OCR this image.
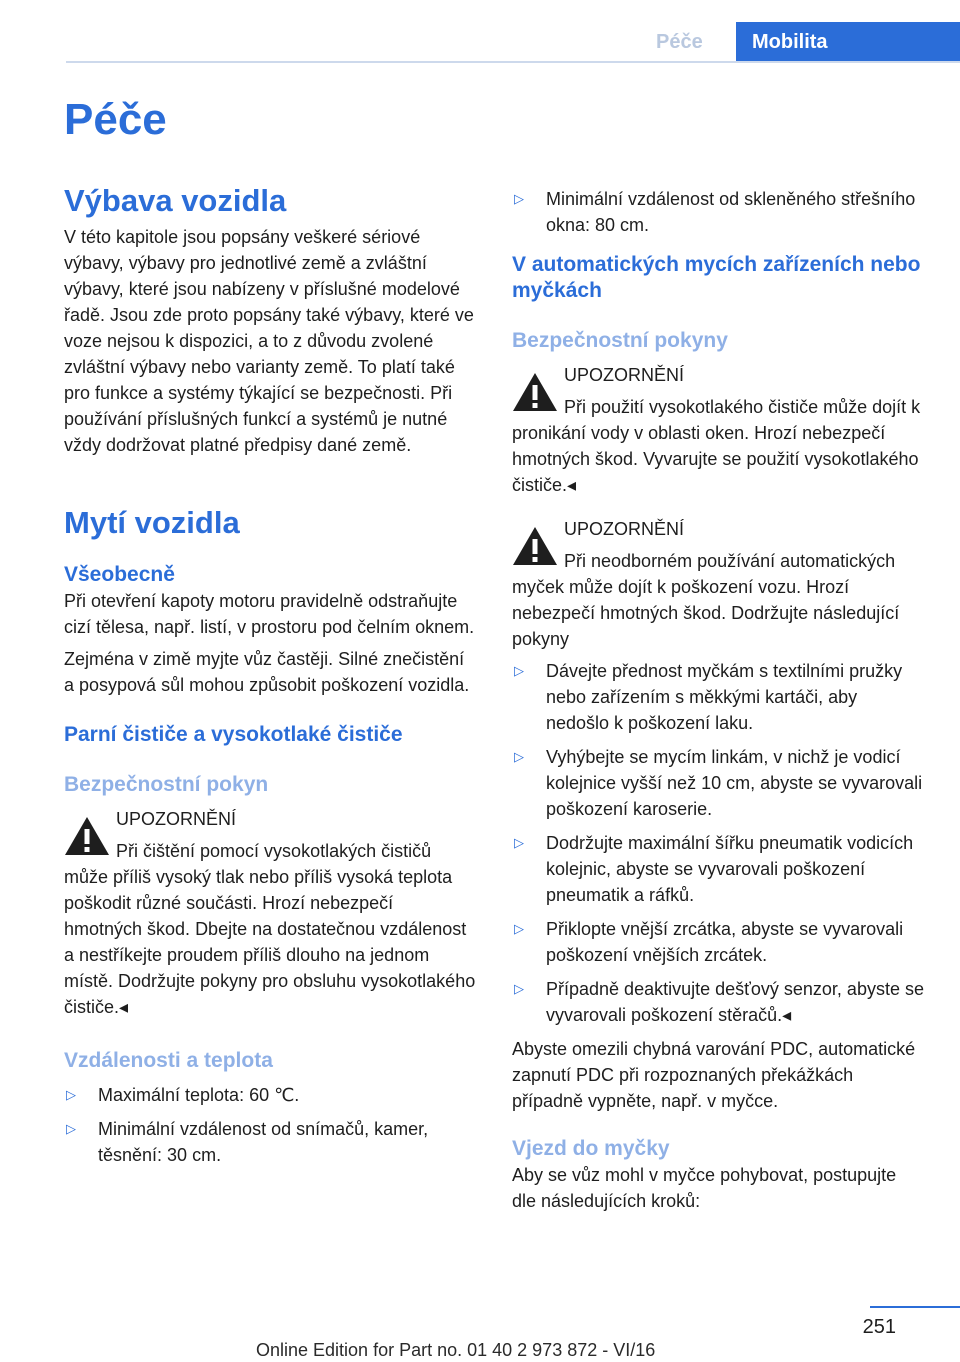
Péče	Mobilita
Péče
Výbava vozidla

V této kapitole jsou popsány veškeré sériové výbavy, výbavy pro jednotlivé země a zvláštní výbavy, které jsou nabízeny v příslušné modelové řadě. Jsou zde proto popsány také výbavy, které ve voze nejsou k dispozici, a to z důvodu zvolené zvláštní výbavy nebo varianty země. To platí také pro funkce a systémy týkající se bezpečnosti. Při používání příslušných funkcí a systémů je nutné vždy dodržovat platné předpisy dané země.

Mytí vozidla
Všeobecně

Při otevření kapoty motoru pravidelně odstraňujte cizí tělesa, např. listí, v prostoru pod čelním oknem.

Zejména v zimě myjte vůz častěji. Silné znečistění a posypová sůl mohou způsobit poškození vozidla.

Parní čističe a vysokotlaké čističe
Bezpečnostní pokyn
UPOZORNĚNÍ
Při čištění pomocí vysokotlakých čističů může příliš vysoký tlak nebo příliš vysoká teplota poškodit různé součásti. Hrozí nebezpečí hmotných škod. Dbejte na dostatečnou vzdálenost a nestříkejte proudem příliš dlouho na jednom místě. Dodržujte pokyny pro obsluhu vysokotlakého čističe.◂
Vzdálenosti a teplota
▷ Maximální teplota: 60 ℃.
▷ Minimální vzdálenost od snímačů, kamer, těsnění: 30 cm.
▷ Minimální vzdálenost od skleněného střešního okna: 80 cm.
V automatických mycích zařízeních nebo myčkách
Bezpečnostní pokyny
UPOZORNĚNÍ
Při použití vysokotlakého čističe může dojít k pronikání vody v oblasti oken. Hrozí nebezpečí hmotných škod. Vyvarujte se použití vysokotlakého čističe.◂
UPOZORNĚNÍ
Při neodborném používání automatických myček může dojít k poškození vozu. Hrozí nebezpečí hmotných škod. Dodržujte následující pokyny
▷ Dávejte přednost myčkám s textilními pružky nebo zařízením s měkkými kartáči, aby nedošlo k poškození laku.
▷ Vyhýbejte se mycím linkám, v nichž je vodicí kolejnice vyšší než 10 cm, abyste se vyvarovali poškození karoserie.
▷ Dodržujte maximální šířku pneumatik vodicích kolejnic, abyste se vyvarovali poškození pneumatik a ráfků.
▷ Přiklopte vnější zrcátka, abyste se vyvarovali poškození vnějších zrcátek.
▷ Případně deaktivujte dešťový senzor, abyste se vyvarovali poškození stěračů.◂

Abyste omezili chybná varování PDC, automatické zapnutí PDC při rozpoznaných překážkách případně vypněte, např. v myčce.

Vjezd do myčky

Aby se vůz mohl v myčce pohybovat, postupujte dle následujících kroků:

251
Online Edition for Part no. 01 40 2 973 872 - VI/16
